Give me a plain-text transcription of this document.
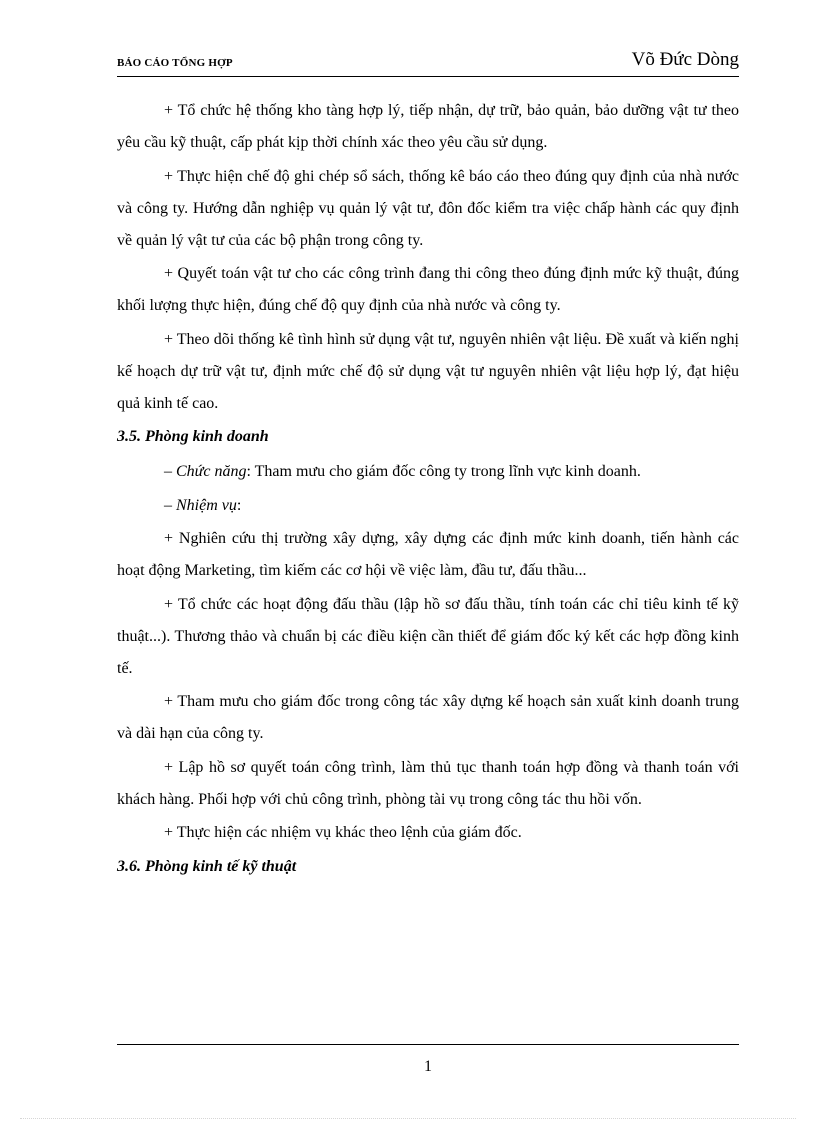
BÁO CÁO TỔNG HỢP	Võ Đức Dòng

+ Tổ chức hệ thống kho tàng hợp lý, tiếp nhận, dự trữ, bảo quản, bảo dưỡng vật tư theo yêu cầu kỹ thuật, cấp phát kịp thời chính xác theo yêu cầu sử dụng.

+ Thực hiện chế độ ghi chép sổ sách, thống kê báo cáo theo đúng quy định của nhà nước và công ty. Hướng dẫn nghiệp vụ quản lý vật tư, đôn đốc kiểm tra việc chấp hành các quy định về quản lý vật tư của các bộ phận trong công ty.

+ Quyết toán vật tư cho các công trình đang thi công theo đúng định mức kỹ thuật, đúng khối lượng thực hiện, đúng chế độ quy định của nhà nước và công ty.

+ Theo dõi thống kê tình hình sử dụng vật tư, nguyên nhiên vật liệu. Đề xuất và kiến nghị kế hoạch dự trữ vật tư, định mức chế độ sử dụng vật tư nguyên nhiên vật liệu hợp lý, đạt hiệu quả kinh tế cao.

3.5. Phòng kinh doanh

– Chức năng: Tham mưu cho giám đốc công ty trong lĩnh vực kinh doanh.

– Nhiệm vụ:

+ Nghiên cứu thị trường xây dựng, xây dựng các định mức kinh doanh, tiến hành các hoạt động Marketing, tìm kiếm các cơ hội về việc làm, đầu tư, đấu thầu...

+ Tổ chức các hoạt động đấu thầu (lập hồ sơ đấu thầu, tính toán các chỉ tiêu kinh tế kỹ thuật...). Thương thảo và chuẩn bị các điều kiện cần thiết để giám đốc ký kết các hợp đồng kinh tế.

+ Tham mưu cho giám đốc trong công tác xây dựng kế hoạch sản xuất kinh doanh trung và dài hạn của công ty.

+ Lập hồ sơ quyết toán công trình, làm thủ tục thanh toán hợp đồng và thanh toán với khách hàng. Phối hợp với chủ công trình, phòng tài vụ trong công tác thu hồi vốn.

+ Thực hiện các nhiệm vụ khác theo lệnh của giám đốc.

3.6. Phòng kinh tế kỹ thuật
1
